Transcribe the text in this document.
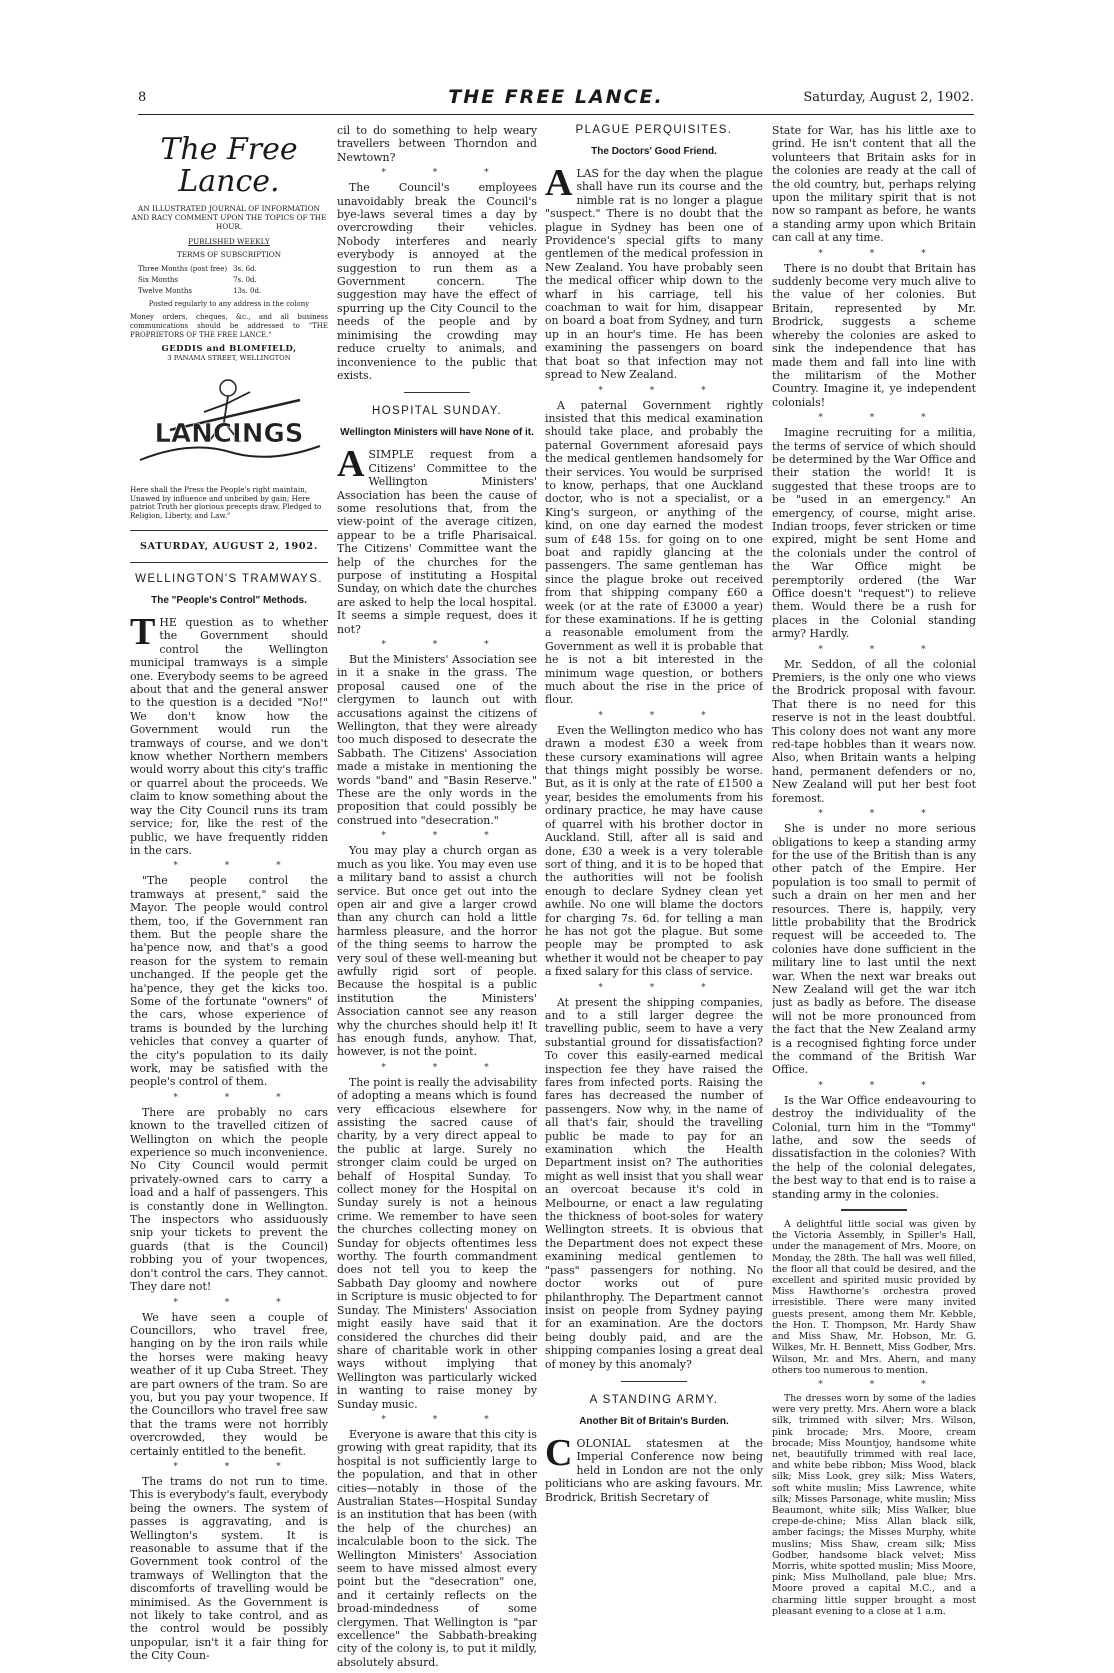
8	THE FREE LANCE.	Saturday, August 2, 1902.
The Free Lance.
AN ILLUSTRATED JOURNAL OF INFORMATION AND RACY COMMENT UPON THE TOPICS OF THE HOUR.
PUBLISHED WEEKLY
TERMS OF SUBSCRIPTION
Three Months (post free)	3s. 6d.
Six Months	7s. 0d.
Twelve Months	13s. 0d.
Posted regularly to any address in the colony
Money orders, cheques, &c., and all business communications should be addressed to "THE PROPRIETORS OF THE FREE LANCE."
GEDDIS and BLOMFIELD,
3 PANAMA STREET, WELLINGTON
LANCINGS
Here shall the Press the People's right maintain, Unawed by influence and unbribed by gain; Here patriot Truth her glorious precepts draw, Pledged to Religion, Liberty, and Law."
SATURDAY, AUGUST 2, 1902.
WELLINGTON'S TRAMWAYS.
The "People's Control" Methods.

THE question as to whether the Government should control the Wellington municipal tramways is a simple one. Everybody seems to be agreed about that and the general answer to the question is a decided "No!" We don't know how the Government would run the tramways of course, and we don't know whether Northern members would worry about this city's traffic or quarrel about the proceeds. We claim to know something about the way the City Council runs its tram service; for, like the rest of the public, we have frequently ridden in the cars.

* * *

"The people control the tramways at present," said the Mayor. The people would control them, too, if the Government ran them. But the people share the ha'pence now, and that's a good reason for the system to remain unchanged. If the people get the ha'pence, they get the kicks too. Some of the fortunate "owners" of the cars, whose experience of trams is bounded by the lurching vehicles that convey a quarter of the city's population to its daily work, may be satisfied with the people's control of them.

* * *

There are probably no cars known to the travelled citizen of Wellington on which the people experience so much inconvenience. No City Council would permit privately-owned cars to carry a load and a half of passengers. This is constantly done in Wellington. The inspectors who assiduously snip your tickets to prevent the guards (that is the Council) robbing you of your twopences, don't control the cars. They cannot. They dare not!

* * *

We have seen a couple of Councillors, who travel free, hanging on by the iron rails while the horses were making heavy weather of it up Cuba Street. They are part owners of the tram. So are you, but you pay your twopence. If the Councillors who travel free saw that the trams were not horribly overcrowded, they would be certainly entitled to the benefit.

* * *

The trams do not run to time. This is everybody's fault, everybody being the owners. The system of passes is aggravating, and is Wellington's system. It is reasonable to assume that if the Government took control of the tramways of Wellington that the discomforts of travelling would be minimised. As the Government is not likely to take control, and as the control would be possibly unpopular, isn't it a fair thing for the City Coun-

cil to do something to help weary travellers between Thorndon and Newtown?

* * *

The Council's employees unavoidably break the Council's bye-laws several times a day by overcrowding their vehicles. Nobody interferes and nearly everybody is annoyed at the suggestion to run them as a Government concern. The suggestion may have the effect of spurring up the City Council to the needs of the people and by minimising the crowding may reduce cruelty to animals, and inconvenience to the public that exists.

HOSPITAL SUNDAY.
Wellington Ministers will have None of it.

ASIMPLE request from a Citizens' Committee to the Wellington Ministers' Association has been the cause of some resolutions that, from the view-point of the average citizen, appear to be a trifle Pharisaical. The Citizens' Committee want the help of the churches for the purpose of instituting a Hospital Sunday, on which date the churches are asked to help the local hospital. It seems a simple request, does it not?

* * *

But the Ministers' Association see in it a snake in the grass. The proposal caused one of the clergymen to launch out with accusations against the citizens of Wellington, that they were already too much disposed to desecrate the Sabbath. The Citizens' Association made a mistake in mentioning the words "band" and "Basin Reserve." These are the only words in the proposition that could possibly be construed into "desecration."

* * *

You may play a church organ as much as you like. You may even use a military band to assist a church service. But once get out into the open air and give a larger crowd than any church can hold a little harmless pleasure, and the horror of the thing seems to harrow the very soul of these well-meaning but awfully rigid sort of people. Because the hospital is a public institution the Ministers' Association cannot see any reason why the churches should help it! It has enough funds, anyhow. That, however, is not the point.

* * *

The point is really the advisability of adopting a means which is found very efficacious elsewhere for assisting the sacred cause of charity, by a very direct appeal to the public at large. Surely no stronger claim could be urged on behalf of Hospital Sunday. To collect money for the Hospital on Sunday surely is not a heinous crime. We remember to have seen the churches collecting money on Sunday for objects oftentimes less worthy. The fourth commandment does not tell you to keep the Sabbath Day gloomy and nowhere in Scripture is music objected to for Sunday. The Ministers' Association might easily have said that it considered the churches did their share of charitable work in other ways without implying that Wellington was particularly wicked in wanting to raise money by Sunday music.

* * *

Everyone is aware that this city is growing with great rapidity, that its hospital is not sufficiently large to the population, and that in other cities—notably in those of the Australian States—Hospital Sunday is an institution that has been (with the help of the churches) an incalculable boon to the sick. The Wellington Ministers' Association seem to have missed almost every point but the "desecration" one, and it certainly reflects on the broad-mindedness of some clergymen. That Wellington is "par excellence" the Sabbath-breaking city of the colony is, to put it mildly, absolutely absurd.

PLAGUE PERQUISITES.
The Doctors' Good Friend.

ALAS for the day when the plague shall have run its course and the nimble rat is no longer a plague "suspect." There is no doubt that the plague in Sydney has been one of Providence's special gifts to many gentlemen of the medical profession in New Zealand. You have probably seen the medical officer whip down to the wharf in his carriage, tell his coachman to wait for him, disappear on board a boat from Sydney, and turn up in an hour's time. He has been examining the passengers on board that boat so that infection may not spread to New Zealand.

* * *

A paternal Government rightly insisted that this medical examination should take place, and probably the paternal Government aforesaid pays the medical gentlemen handsomely for their services. You would be surprised to know, perhaps, that one Auckland doctor, who is not a specialist, or a King's surgeon, or anything of the kind, on one day earned the modest sum of £48 15s. for going on to one boat and rapidly glancing at the passengers. The same gentleman has since the plague broke out received from that shipping company £60 a week (or at the rate of £3000 a year) for these examinations. If he is getting a reasonable emolument from the Government as well it is probable that he is not a bit interested in the minimum wage question, or bothers much about the rise in the price of flour.

* * *

Even the Wellington medico who has drawn a modest £30 a week from these cursory examinations will agree that things might possibly be worse. But, as it is only at the rate of £1500 a year, besides the emoluments from his ordinary practice, he may have cause of quarrel with his brother doctor in Auckland. Still, after all is said and done, £30 a week is a very tolerable sort of thing, and it is to be hoped that the authorities will not be foolish enough to declare Sydney clean yet awhile. No one will blame the doctors for charging 7s. 6d. for telling a man he has not got the plague. But some people may be prompted to ask whether it would not be cheaper to pay a fixed salary for this class of service.

* * *

At present the shipping companies, and to a still larger degree the travelling public, seem to have a very substantial ground for dissatisfaction? To cover this easily-earned medical inspection fee they have raised the fares from infected ports. Raising the fares has decreased the number of passengers. Now why, in the name of all that's fair, should the travelling public be made to pay for an examination which the Health Department insist on? The authorities might as well insist that you shall wear an overcoat because it's cold in Melbourne, or enact a law regulating the thickness of boot-soles for watery Wellington streets. It is obvious that the Department does not expect these examining medical gentlemen to "pass" passengers for nothing. No doctor works out of pure philanthrophy. The Department cannot insist on people from Sydney paying for an examination. Are the doctors being doubly paid, and are the shipping companies losing a great deal of money by this anomaly?

A STANDING ARMY.
Another Bit of Britain's Burden.

COLONIAL statesmen at the Imperial Conference now being held in London are not the only politicians who are asking favours. Mr. Brodrick, British Secretary of

State for War, has his little axe to grind. He isn't content that all the volunteers that Britain asks for in the colonies are ready at the call of the old country, but, perhaps relying upon the military spirit that is not now so rampant as before, he wants a standing army upon which Britain can call at any time.

* * *

There is no doubt that Britain has suddenly become very much alive to the value of her colonies. But Britain, represented by Mr. Brodrick, suggests a scheme whereby the colonies are asked to sink the independence that has made them and fall into line with the militarism of the Mother Country. Imagine it, ye independent colonials!

* * *

Imagine recruiting for a militia, the terms of service of which should be determined by the War Office and their station the world! It is suggested that these troops are to be "used in an emergency." An emergency, of course, might arise. Indian troops, fever stricken or time expired, might be sent Home and the colonials under the control of the War Office might be peremptorily ordered (the War Office doesn't "request") to relieve them. Would there be a rush for places in the Colonial standing army? Hardly.

* * *

Mr. Seddon, of all the colonial Premiers, is the only one who views the Brodrick proposal with favour. That there is no need for this reserve is not in the least doubtful. This colony does not want any more red-tape hobbles than it wears now. Also, when Britain wants a helping hand, permanent defenders or no, New Zealand will put her best foot foremost.

* * *

She is under no more serious obligations to keep a standing army for the use of the British than is any other patch of the Empire. Her population is too small to permit of such a drain on her men and her resources. There is, happily, very little probability that the Brodrick request will be acceeded to. The colonies have done sufficient in the military line to last until the next war. When the next war breaks out New Zealand will get the war itch just as badly as before. The disease will not be more pronounced from the fact that the New Zealand army is a recognised fighting force under the command of the British War Office.

* * *

Is the War Office endeavouring to destroy the individuality of the Colonial, turn him in the "Tommy" lathe, and sow the seeds of dissatisfaction in the colonies? With the help of the colonial delegates, the best way to that end is to raise a standing army in the colonies.

A delightful little social was given by the Victoria Assembly, in Spiller's Hall, under the management of Mrs. Moore, on Monday, the 28th. The hall was well filled, the floor all that could be desired, and the excellent and spirited music provided by Miss Hawthorne's orchestra proved irresistible. There were many invited guests present, among them Mr. Kebble, the Hon. T. Thompson, Mr. Hardy Shaw and Miss Shaw, Mr. Hobson, Mr. G. Wilkes, Mr. H. Bennett, Miss Godber, Mrs. Wilson, Mr. and Mrs. Ahern, and many others too numerous to mention.

* * *

The dresses worn by some of the ladies were very pretty. Mrs. Ahern wore a black silk, trimmed with silver; Mrs. Wilson, pink brocade; Mrs. Moore, cream brocade; Miss Mountjoy, handsome white net, beautifully trimmed with real lace, and white bebe ribbon; Miss Wood, black silk; Miss Look, grey silk; Miss Waters, soft white muslin; Miss Lawrence, white silk; Misses Parsonage, white muslin; Miss Beaumont, white silk; Miss Walker, blue crepe-de-chine; Miss Allan black silk, amber facings; the Misses Murphy, white muslins; Miss Shaw, cream silk; Miss Godber, handsome black velvet; Miss Morris, white spotted muslin; Miss Moore, pink; Miss Mulholland, pale blue; Mrs. Moore proved a capital M.C., and a charming little supper brought a most pleasant evening to a close at 1 a.m.
